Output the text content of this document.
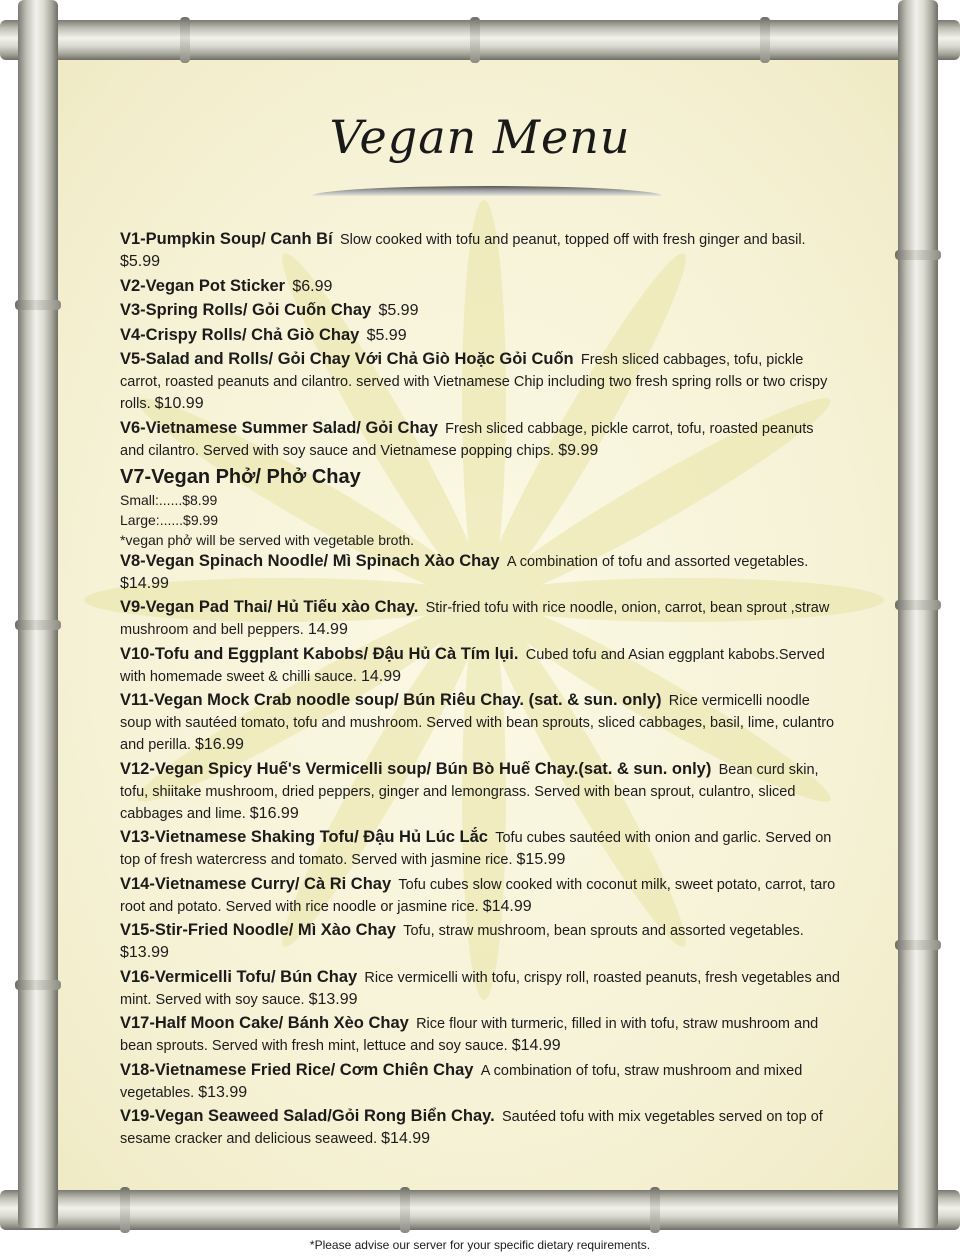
Vegan Menu
V1-Pumpkin Soup/ Canh Bí  Slow cooked with tofu and peanut, topped off with fresh ginger and basil. $5.99
V2-Vegan Pot Sticker  $6.99
V3-Spring Rolls/ Gỏi Cuốn Chay  $5.99
V4-Crispy Rolls/ Chả Giò Chay  $5.99
V5-Salad and Rolls/ Gỏi Chay Với Chả Giò Hoặc Gỏi Cuốn  Fresh sliced cabbages, tofu, pickle carrot, roasted peanuts and cilantro. served with Vietnamese Chip including two fresh spring rolls or two crispy rolls. $10.99
V6-Vietnamese Summer Salad/ Gỏi Chay  Fresh sliced cabbage, pickle carrot, tofu, roasted peanuts and cilantro. Served with soy sauce and Vietnamese popping chips. $9.99
V7-Vegan Phở/ Phở Chay
Small:......$8.99
Large:......$9.99
*vegan phở will be served with vegetable broth.
V8-Vegan Spinach Noodle/ Mì Spinach Xào Chay  A combination of tofu and assorted vegetables. $14.99
V9-Vegan Pad Thai/ Hủ Tiếu xào Chay.  Stir-fried tofu with rice noodle, onion, carrot, bean sprout ,straw mushroom and bell peppers. 14.99
V10-Tofu and Eggplant Kabobs/ Đậu Hủ Cà Tím lụi.  Cubed tofu and Asian eggplant kabobs.Served with homemade sweet & chilli sauce. 14.99
V11-Vegan Mock Crab noodle soup/ Bún Riêu Chay. (sat. & sun. only)  Rice vermicelli noodle soup with sautéed tomato, tofu and mushroom. Served with bean sprouts, sliced cabbages, basil, lime, culantro and perilla. $16.99
V12-Vegan Spicy Huế's Vermicelli soup/ Bún Bò Huế Chay.(sat. & sun. only)  Bean curd skin, tofu, shiitake mushroom, dried peppers, ginger and lemongrass. Served with bean sprout, culantro, sliced cabbages and lime. $16.99
V13-Vietnamese Shaking Tofu/ Đậu Hủ Lúc Lắc  Tofu cubes sautéed with onion and garlic. Served on top of fresh watercress and tomato. Served with jasmine rice. $15.99
V14-Vietnamese Curry/ Cà Ri Chay  Tofu cubes slow cooked with coconut milk, sweet potato, carrot, taro root and potato. Served with rice noodle or jasmine rice. $14.99
V15-Stir-Fried Noodle/ Mì Xào Chay  Tofu, straw mushroom, bean sprouts and assorted vegetables. $13.99
V16-Vermicelli Tofu/ Bún Chay  Rice vermicelli with tofu, crispy roll, roasted peanuts, fresh vegetables and mint. Served with soy sauce. $13.99
V17-Half Moon Cake/ Bánh Xèo Chay  Rice flour with turmeric, filled in with tofu, straw mushroom and bean sprouts. Served with fresh mint, lettuce and soy sauce. $14.99
V18-Vietnamese Fried Rice/ Cơm Chiên Chay  A combination of tofu, straw mushroom and mixed vegetables. $13.99
V19-Vegan Seaweed Salad/Gỏi Rong Biển Chay.  Sautéed tofu with mix vegetables served on top of sesame cracker and delicious seaweed. $14.99
*Please advise our server for your specific dietary requirements.
